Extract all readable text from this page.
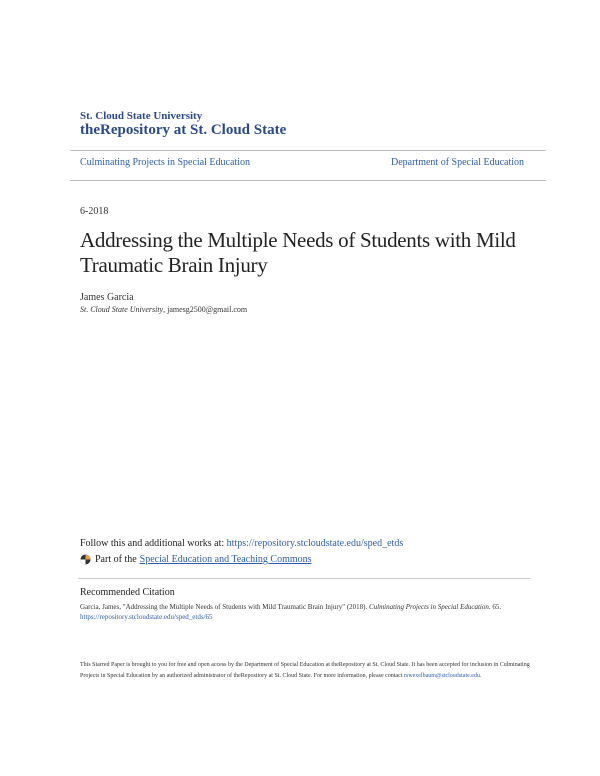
St. Cloud State University
theRepository at St. Cloud State
Culminating Projects in Special Education	Department of Special Education
6-2018
Addressing the Multiple Needs of Students with Mild Traumatic Brain Injury
James Garcia
St. Cloud State University, jamesg2500@gmail.com
Follow this and additional works at: https://repository.stcloudstate.edu/sped_etds
Part of the Special Education and Teaching Commons
Recommended Citation
Garcia, James, "Addressing the Multiple Needs of Students with Mild Traumatic Brain Injury" (2018). Culminating Projects in Special Education. 65.
https://repository.stcloudstate.edu/sped_etds/65
This Starred Paper is brought to you for free and open access by the Department of Special Education at theRepository at St. Cloud State. It has been accepted for inclusion in Culminating Projects in Special Education by an authorized administrator of theRepository at St. Cloud State. For more information, please contact rswexelbaum@stcloudstate.edu.
